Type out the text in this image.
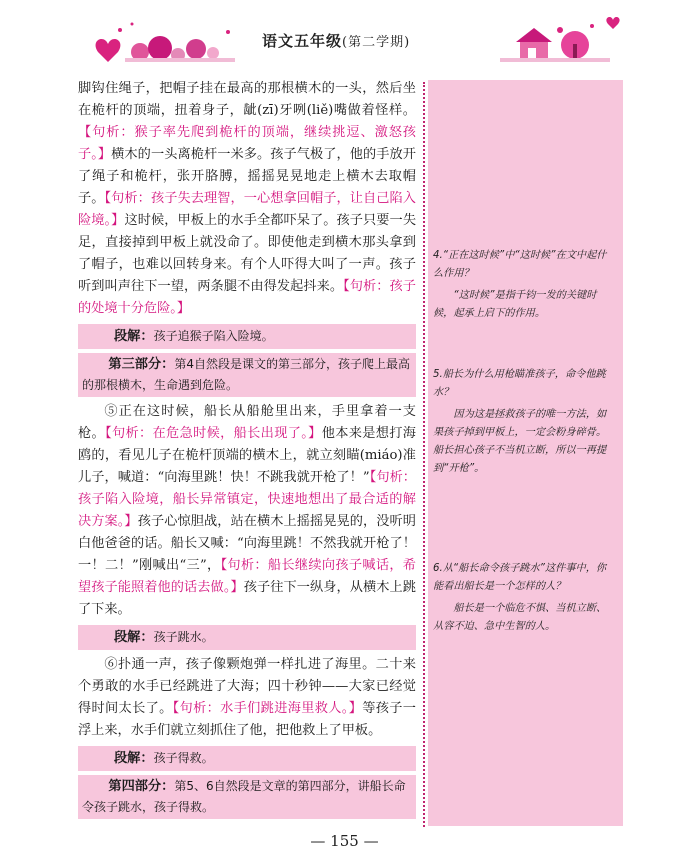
语文五年级(第二学期)

脚钩住绳子，把帽子挂在最高的那根横木的一头，然后坐在桅杆的顶端，扭着身子，龇(zī)牙咧(liě)嘴做着怪样。【句析：猴子率先爬到桅杆的顶端，继续挑逗、激怒孩子。】横木的一头离桅杆一米多。孩子气极了，他的手放开了绳子和桅杆，张开胳膊，摇摇晃晃地走上横木去取帽子。【句析：孩子失去理智，一心想拿回帽子，让自己陷入险境。】这时候，甲板上的水手全都吓呆了。孩子只要一失足，直接掉到甲板上就没命了。即使他走到横木那头拿到了帽子，也难以回转身来。有个人吓得大叫了一声。孩子听到叫声往下一望，两条腿不由得发起抖来。【句析：孩子的处境十分危险。】

段解：孩子追猴子陷入险境。
第三部分：第4自然段是课文的第三部分，孩子爬上最高的那根横木，生命遇到危险。

⑤正在这时候，船长从船舱里出来，手里拿着一支枪。【句析：在危急时候，船长出现了。】他本来是想打海鸥的，看见儿子在桅杆顶端的横木上，就立刻瞄(miáo)准儿子，喊道：“向海里跳！快！不跳我就开枪了！”【句析：孩子陷入险境，船长异常镇定，快速地想出了最合适的解决方案。】孩子心惊胆战，站在横木上摇摇晃晃的，没听明白他爸爸的话。船长又喊：“向海里跳！不然我就开枪了！一！二！”刚喊出“三”，【句析：船长继续向孩子喊话，希望孩子能照着他的话去做。】孩子往下一纵身，从横木上跳了下来。

段解：孩子跳水。

⑥扑通一声，孩子像颗炮弹一样扎进了海里。二十来个勇敢的水手已经跳进了大海；四十秒钟——大家已经觉得时间太长了。【句析：水手们跳进海里救人。】等孩子一浮上来，水手们就立刻抓住了他，把他救上了甲板。

段解：孩子得救。
第四部分：第5、6自然段是文章的第四部分，讲船长命令孩子跳水，孩子得救。

4.“正在这时候”中“这时候”在文中起什么作用？

“这时候”是指千钧一发的关键时候，起承上启下的作用。

5.船长为什么用枪瞄准孩子，命令他跳水？

因为这是拯救孩子的唯一方法，如果孩子掉到甲板上，一定会粉身碎骨。船长担心孩子不当机立断，所以一再提到“开枪”。

6.从“船长命令孩子跳水”这件事中，你能看出船长是一个怎样的人？

船长是一个临危不惧、当机立断、从容不迫、急中生智的人。

— 155 —
